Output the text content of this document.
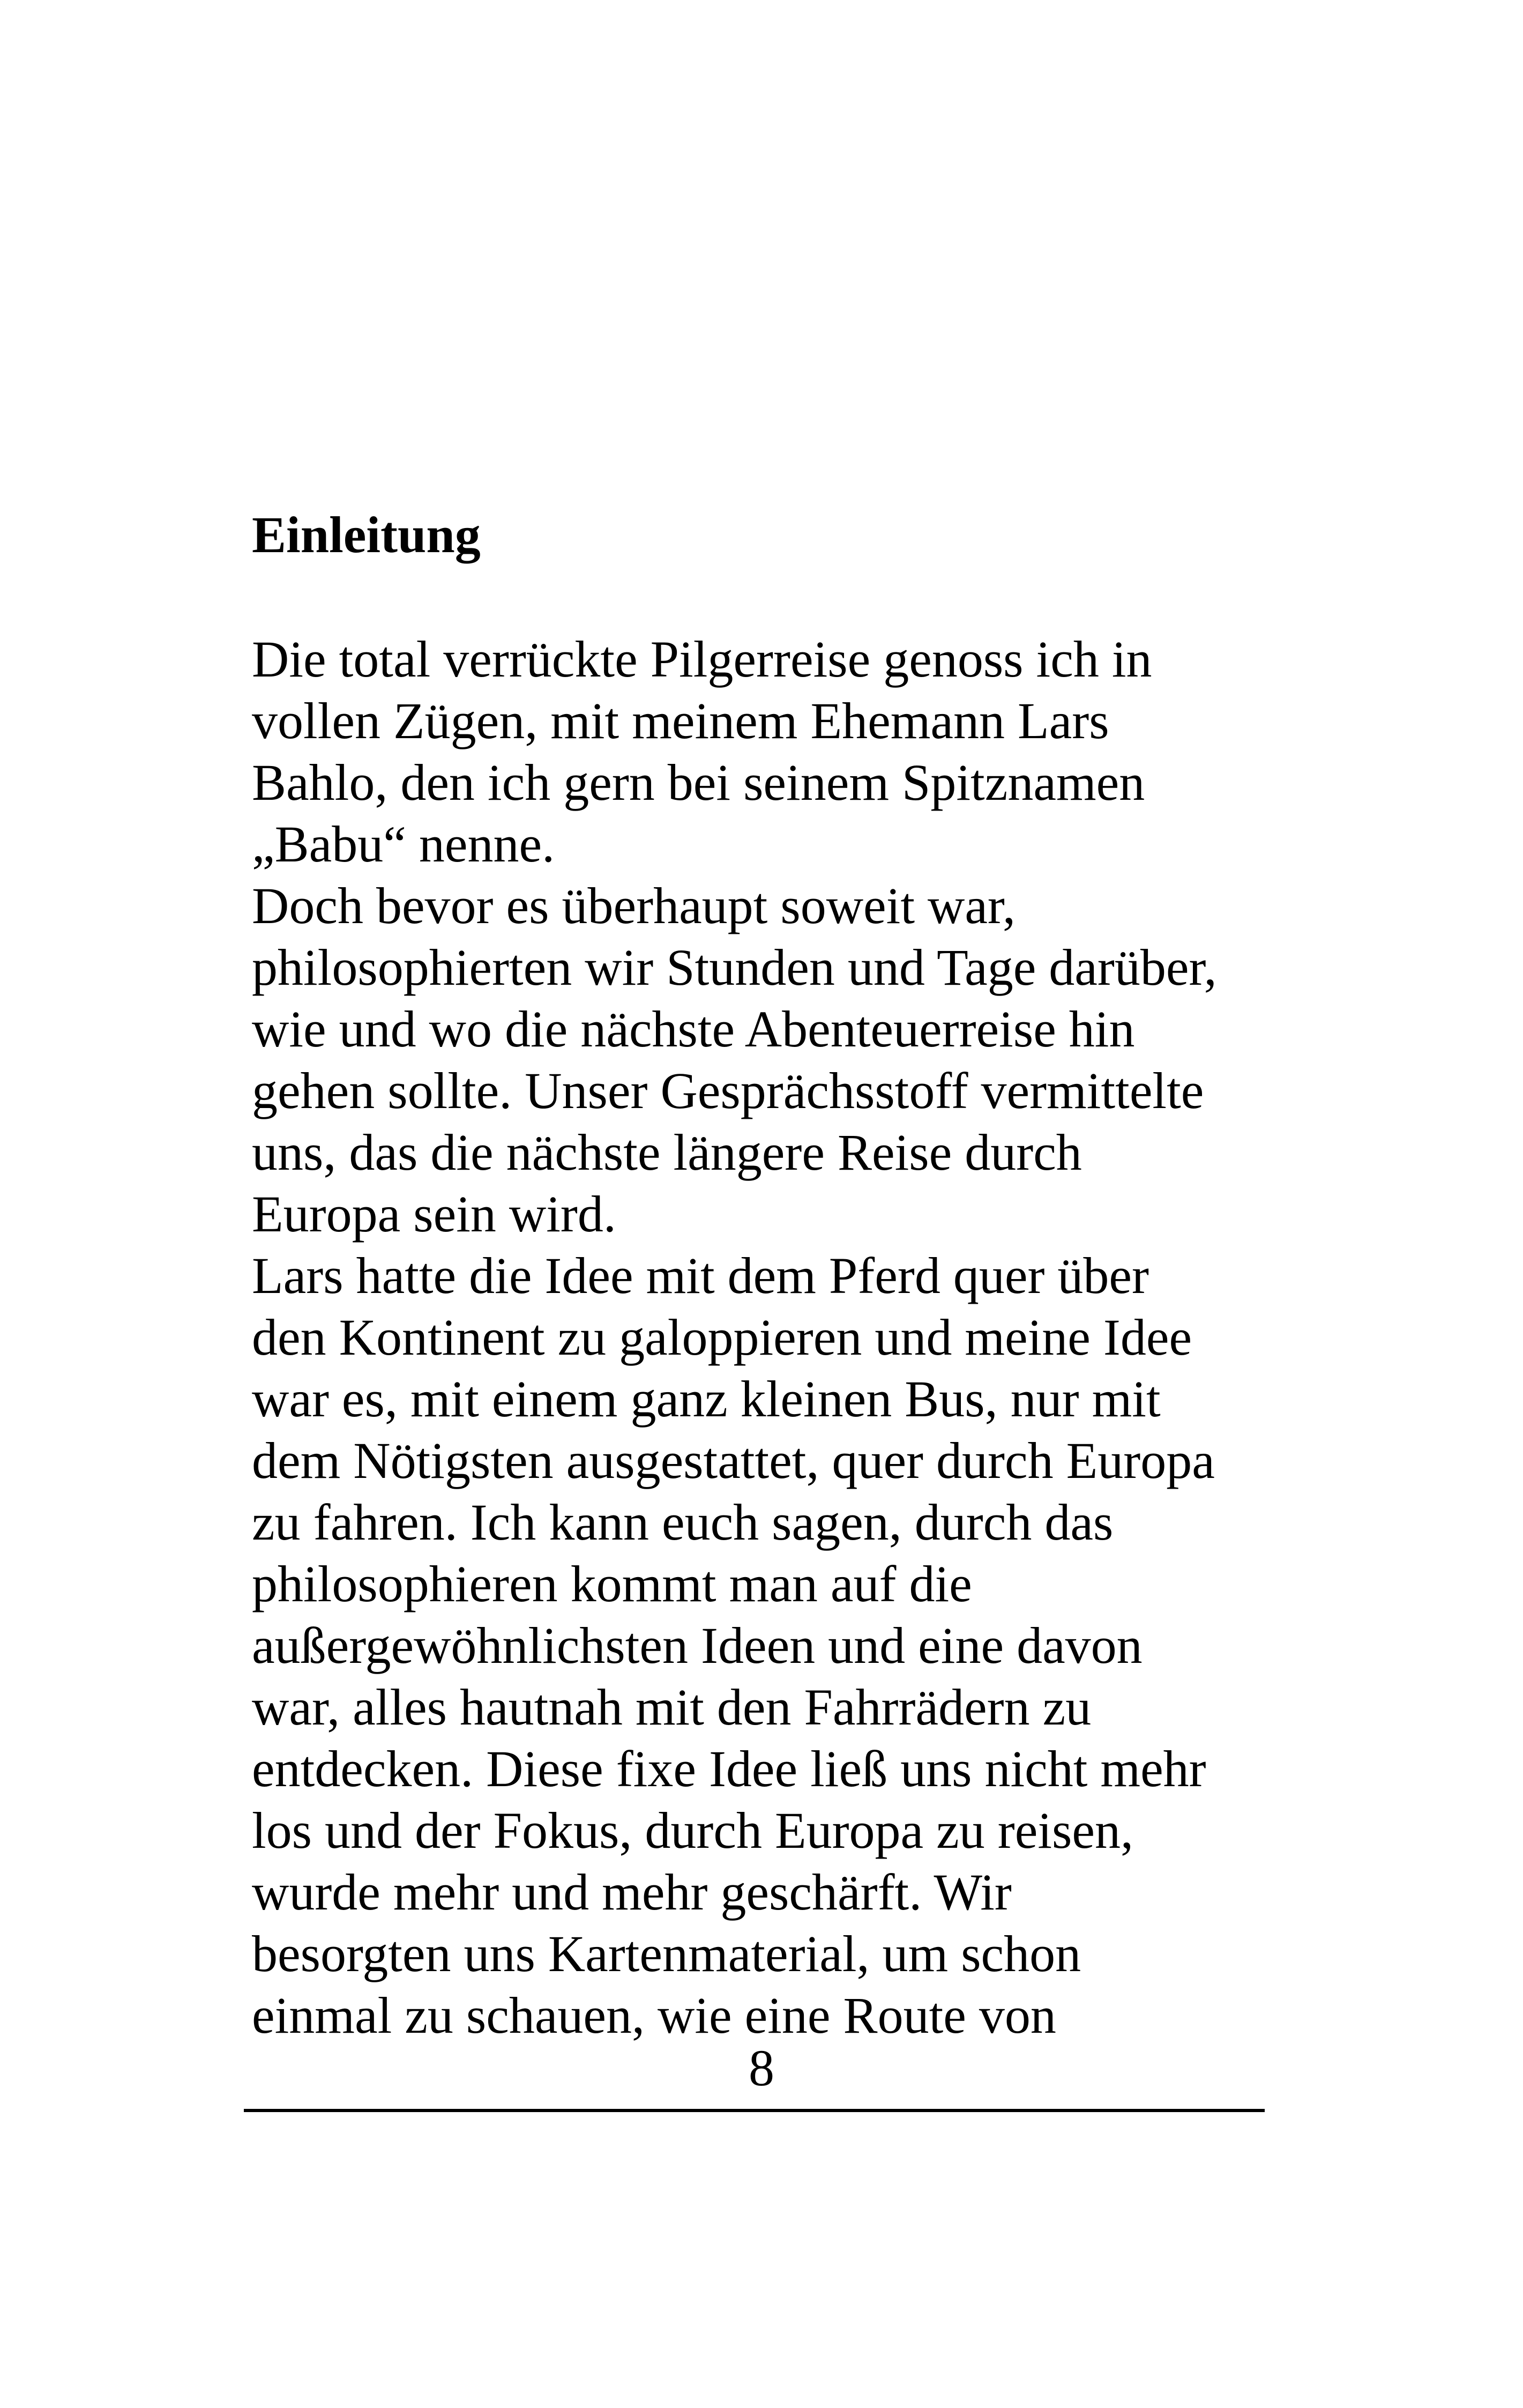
Einleitung
Die total verrückte Pilgerreise genoss ich in
vollen Zügen, mit meinem Ehemann Lars
Bahlo, den ich gern bei seinem Spitznamen
„Babu“ nenne.
Doch bevor es überhaupt soweit war,
philosophierten wir Stunden und Tage darüber,
wie und wo die nächste Abenteuerreise hin
gehen sollte. Unser Gesprächsstoff vermittelte
uns, das die nächste längere Reise durch
Europa sein wird.
Lars hatte die Idee mit dem Pferd quer über
den Kontinent zu galoppieren und meine Idee
war es, mit einem ganz kleinen Bus, nur mit
dem Nötigsten ausgestattet, quer durch Europa
zu fahren. Ich kann euch sagen, durch das
philosophieren kommt man auf die
außergewöhnlichsten Ideen und eine davon
war, alles hautnah mit den Fahrrädern zu
entdecken. Diese fixe Idee ließ uns nicht mehr
los und der Fokus, durch Europa zu reisen,
wurde mehr und mehr geschärft. Wir
besorgten uns Kartenmaterial, um schon
einmal zu schauen, wie eine Route von
8
